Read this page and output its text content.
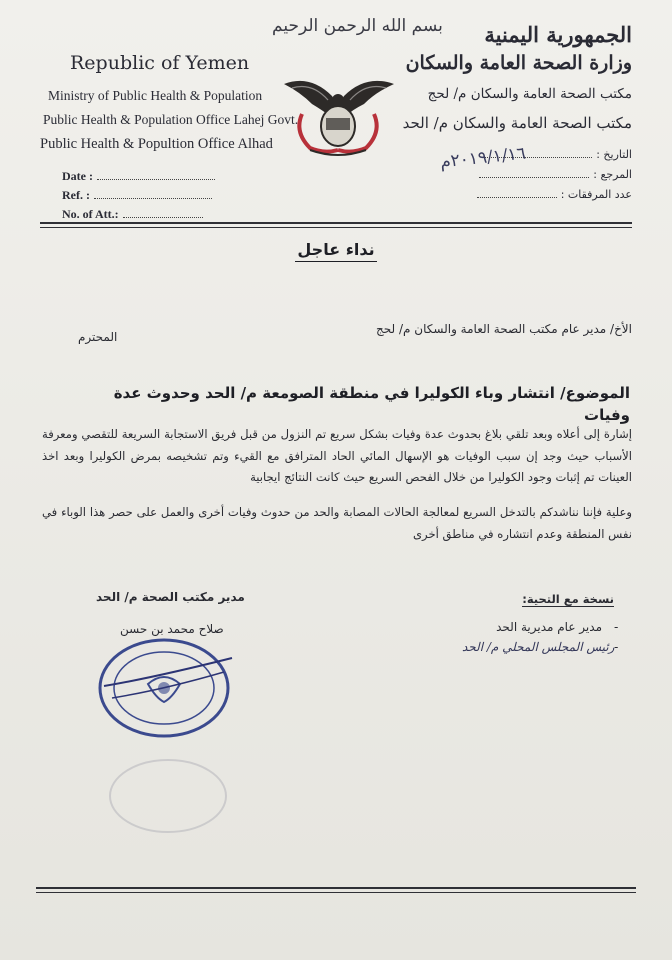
Republic of Yemen
Ministry of Public Health & Population
Public Health & Population Office Lahej Govt.
Public Health & Popultion Office Alhad
Date :
Ref. :
No. of Att.:
بسم الله الرحمن الرحيم الجمهورية اليمنية
وزارة الصحة العامة والسكان
مكتب الصحة العامة والسكان م/ لحج
مكتب الصحة العامة والسكان م/ الحد
التاريخ :
المرجع :
عدد المرفقات :
٢٠١٩/١/١٦م
نداء عاجل
الأخ/ مدير عام مكتب الصحة العامة والسكان م/ لحج
المحترم
الموضوع/ انتشار وباء الكوليرا في منطقة الصومعة م/ الحد وحدوث عدة وفيات
إشارة إلى أعلاه وبعد تلقي بلاغ بحدوث عدة وفيات بشكل سريع تم النزول من قبل فريق الاستجابة السريعة للتقصي ومعرفة الأسباب حيث وجد إن سبب الوفيات هو الإسهال المائي الحاد المترافق مع القيء وتم تشخيصه بمرض الكوليرا وبعد اخذ العينات تم إثبات وجود الكوليرا من خلال الفحص السريع حيث كانت النتائج ايجابية
وعلية فإننا نناشدكم بالتدخل السريع لمعالجة الحالات المصابة والحد من حدوث وفيات أخرى والعمل على حصر هذا الوباء في نفس المنطقة وعدم انتشاره في مناطق أخرى
مدير مكتب الصحة م/ الحد	نسخة مع التحية:
-
مدير عام مديرية الحد
-
رئيس المجلس المحلي م/ الحد
صلاح محمد بن حسن
